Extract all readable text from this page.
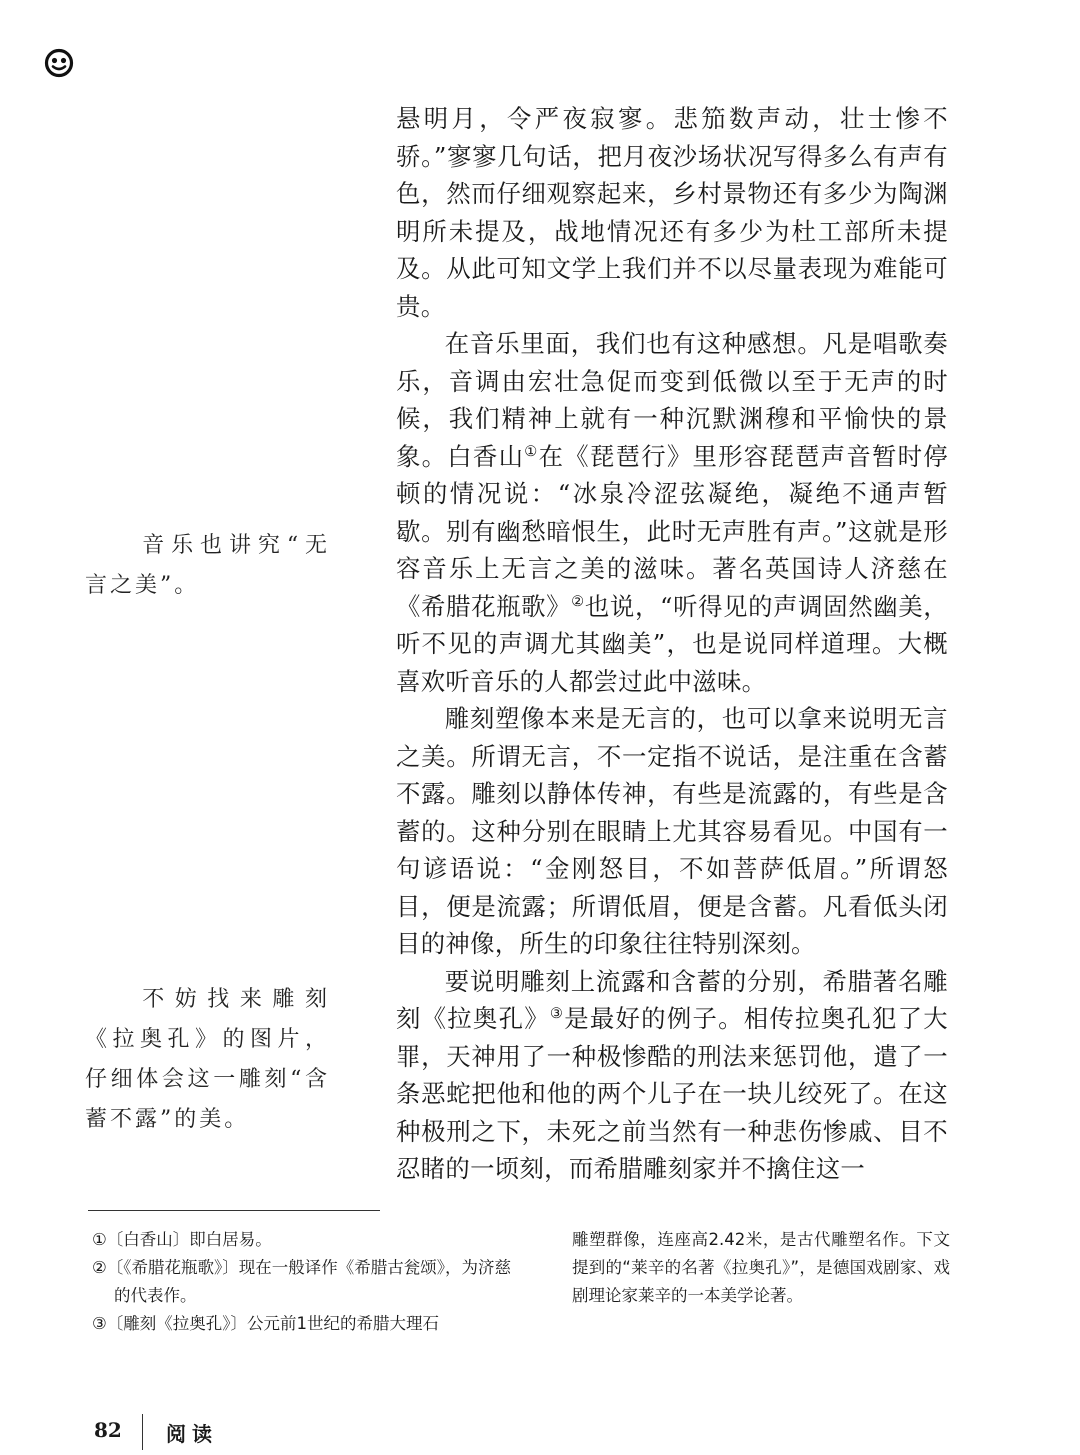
悬明月，令严夜寂寥。悲笳数声动，壮士惨不骄。”寥寥几句话，把月夜沙场状况写得多么有声有色，然而仔细观察起来，乡村景物还有多少为陶渊明所未提及，战地情况还有多少为杜工部所未提及。从此可知文学上我们并不以尽量表现为难能可贵。

在音乐里面，我们也有这种感想。凡是唱歌奏乐，音调由宏壮急促而变到低微以至于无声的时候，我们精神上就有一种沉默渊穆和平愉快的景象。白香山①在《琵琶行》里形容琵琶声音暂时停顿的情况说：“冰泉冷涩弦凝绝，凝绝不通声暂歇。别有幽愁暗恨生，此时无声胜有声。”这就是形容音乐上无言之美的滋味。著名英国诗人济慈在《希腊花瓶歌》②也说，“听得见的声调固然幽美，听不见的声调尤其幽美”，也是说同样道理。大概喜欢听音乐的人都尝过此中滋味。

雕刻塑像本来是无言的，也可以拿来说明无言之美。所谓无言，不一定指不说话，是注重在含蓄不露。雕刻以静体传神，有些是流露的，有些是含蓄的。这种分别在眼睛上尤其容易看见。中国有一句谚语说：“金刚怒目，不如菩萨低眉。”所谓怒目，便是流露；所谓低眉，便是含蓄。凡看低头闭目的神像，所生的印象往往特别深刻。

要说明雕刻上流露和含蓄的分别，希腊著名雕刻《拉奥孔》③是最好的例子。相传拉奥孔犯了大罪，天神用了一种极惨酷的刑法来惩罚他，遣了一条恶蛇把他和他的两个儿子在一块儿绞死了。在这种极刑之下，未死之前当然有一种悲伤惨戚、目不忍睹的一顷刻，而希腊雕刻家并不擒住这一

音乐也讲究“无言之美”。

不妨找来雕刻《拉奥孔》的图片，仔细体会这一雕刻“含蓄不露”的美。

①〔白香山〕即白居易。

②〔《希腊花瓶歌》〕现在一般译作《希腊古瓮颂》，为济慈的代表作。

③〔雕刻《拉奥孔》〕公元前1世纪的希腊大理石

雕塑群像，连座高2.42米，是古代雕塑名作。下文提到的“莱辛的名著《拉奥孔》”，是德国戏剧家、戏剧理论家莱辛的一本美学论著。

82 阅读
